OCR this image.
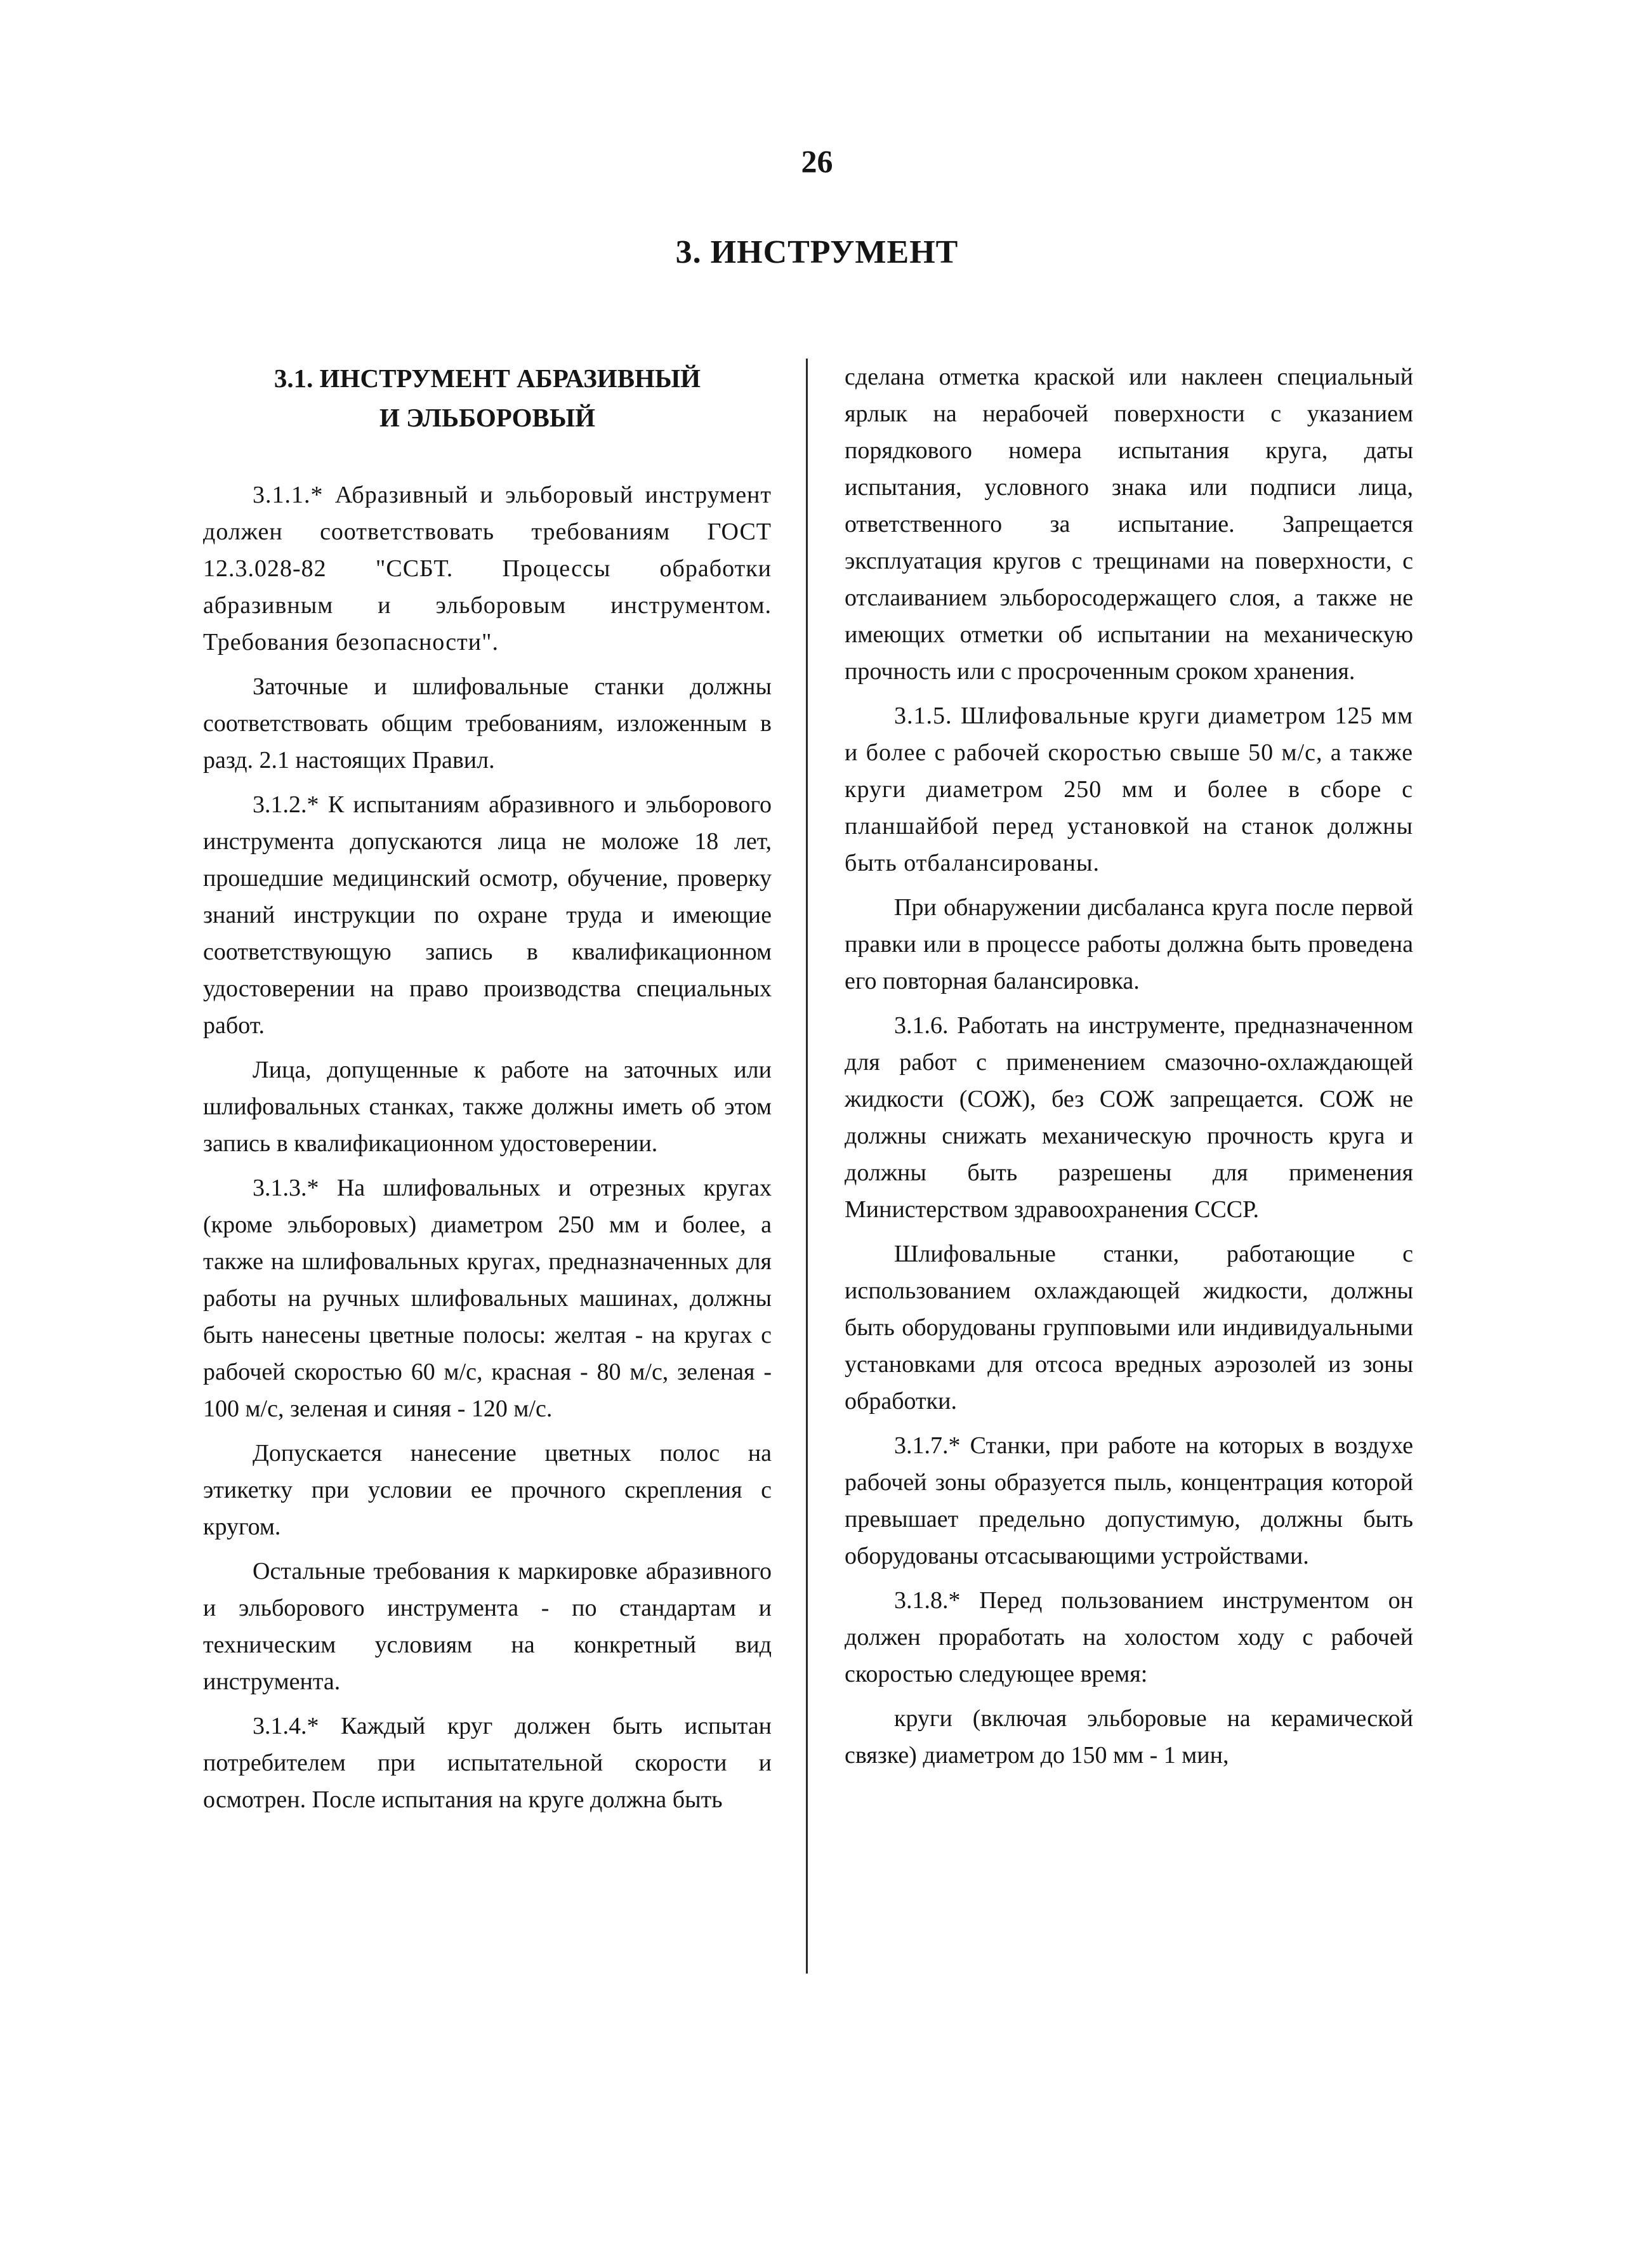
26
3. ИНСТРУМЕНТ
3.1. ИНСТРУМЕНТ АБРАЗИВНЫЙ
И ЭЛЬБОРОВЫЙ

3.1.1.* Абразивный и эльборовый инструмент должен соответствовать требованиям ГОСТ 12.3.028-82 "ССБТ. Процессы обработки абразивным и эльборовым инструментом. Требования безопасности".

Заточные и шлифовальные станки должны соответствовать общим требованиям, изложенным в разд. 2.1 настоящих Правил.

3.1.2.* К испытаниям абразивного и эльборового инструмента допускаются лица не моложе 18 лет, прошедшие медицинский осмотр, обучение, проверку знаний инструкции по охране труда и имеющие соответствующую запись в квалификационном удостоверении на право производства специальных работ.

Лица, допущенные к работе на заточных или шлифовальных станках, также должны иметь об этом запись в квалификационном удостоверении.

3.1.3.* На шлифовальных и отрезных кругах (кроме эльборовых) диаметром 250 мм и более, а также на шлифовальных кругах, предназначенных для работы на ручных шлифовальных машинах, должны быть нанесены цветные полосы: желтая - на кругах с рабочей скоростью 60 м/с, красная - 80 м/с, зеленая - 100 м/с, зеленая и синяя - 120 м/с.

Допускается нанесение цветных полос на этикетку при условии ее прочного скрепления с кругом.

Остальные требования к маркировке абразивного и эльборового инструмента - по стандартам и техническим условиям на конкретный вид инструмента.

3.1.4.* Каждый круг должен быть испытан потребителем при испытательной скорости и осмотрен. После испытания на круге должна быть

сделана отметка краской или наклеен специальный ярлык на нерабочей поверхности с указанием порядкового номера испытания круга, даты испытания, условного знака или подписи лица, ответственного за испытание. Запрещается эксплуатация кругов с трещинами на поверхности, с отслаиванием эльборосодержащего слоя, а также не имеющих отметки об испытании на механическую прочность или с просроченным сроком хранения.

3.1.5. Шлифовальные круги диаметром 125 мм и более с рабочей скоростью свыше 50 м/с, а также круги диаметром 250 мм и более в сборе с планшайбой перед установкой на станок должны быть отбалансированы.

При обнаружении дисбаланса круга после первой правки или в процессе работы должна быть проведена его повторная балансировка.

3.1.6. Работать на инструменте, предназначенном для работ с применением смазочно-охлаждающей жидкости (СОЖ), без СОЖ запрещается. СОЖ не должны снижать механическую прочность круга и должны быть разрешены для применения Министерством здравоохранения СССР.

Шлифовальные станки, работающие с использованием охлаждающей жидкости, должны быть оборудованы групповыми или индивидуальными установками для отсоса вредных аэрозолей из зоны обработки.

3.1.7.* Станки, при работе на которых в воздухе рабочей зоны образуется пыль, концентрация которой превышает предельно допустимую, должны быть оборудованы отсасывающими устройствами.

3.1.8.* Перед пользованием инструментом он должен проработать на холостом ходу с рабочей скоростью следующее время:

круги (включая эльборовые на керамической связке) диаметром до 150 мм - 1 мин,
